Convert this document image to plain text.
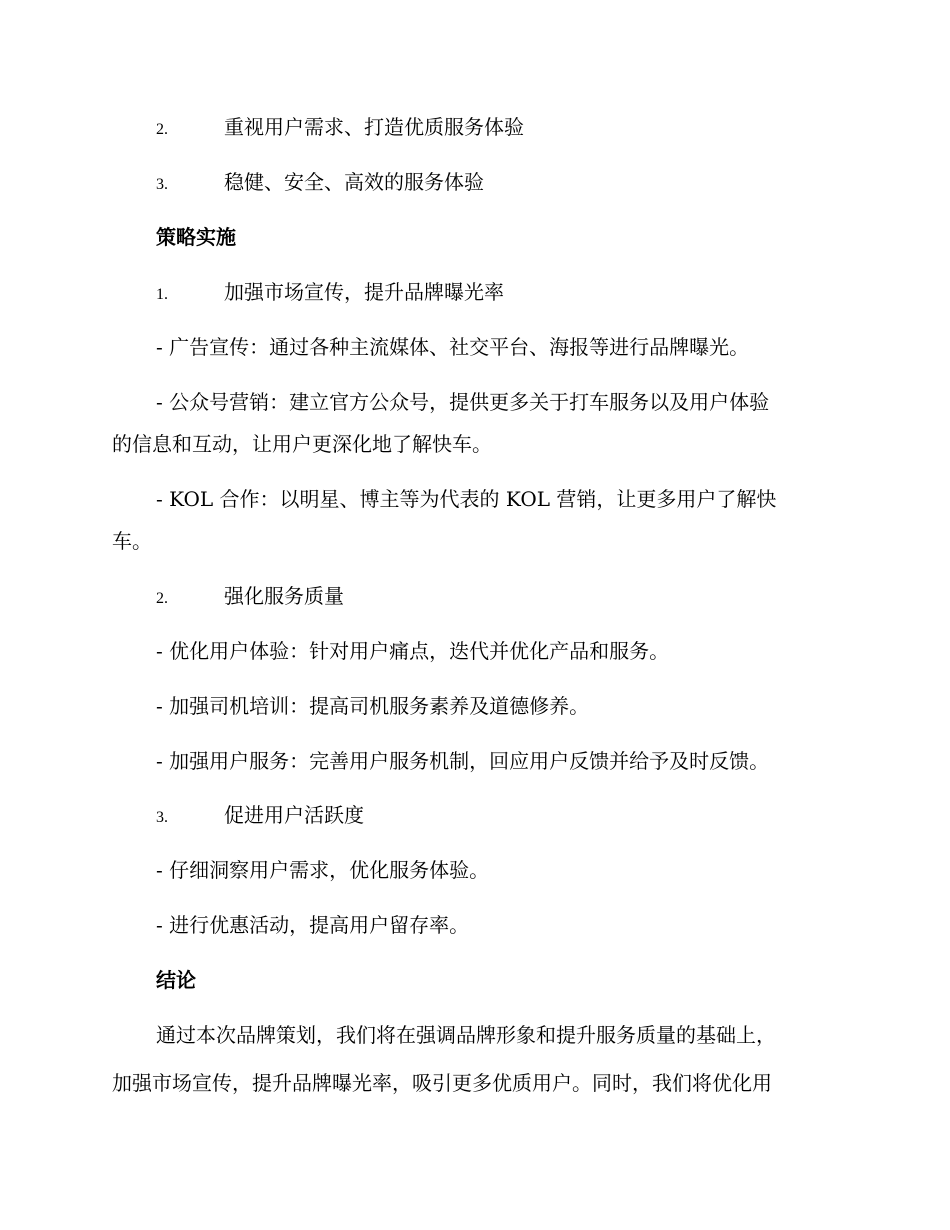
2.	重视用户需求、打造优质服务体验
3.	稳健、安全、高效的服务体验
策略实施
1.	加强市场宣传，提升品牌曝光率
- 广告宣传：通过各种主流媒体、社交平台、海报等进行品牌曝光。
- 公众号营销：建立官方公众号，提供更多关于打车服务以及用户体验
的信息和互动，让用户更深化地了解快车。
- KOL 合作：以明星、博主等为代表的 KOL 营销，让更多用户了解快
车。
2.	强化服务质量
- 优化用户体验：针对用户痛点，迭代并优化产品和服务。
- 加强司机培训：提高司机服务素养及道德修养。
- 加强用户服务：完善用户服务机制，回应用户反馈并给予及时反馈。
3.	促进用户活跃度
- 仔细洞察用户需求，优化服务体验。
- 进行优惠活动，提高用户留存率。
结论
通过本次品牌策划，我们将在强调品牌形象和提升服务质量的基础上，
加强市场宣传，提升品牌曝光率，吸引更多优质用户。同时，我们将优化用
